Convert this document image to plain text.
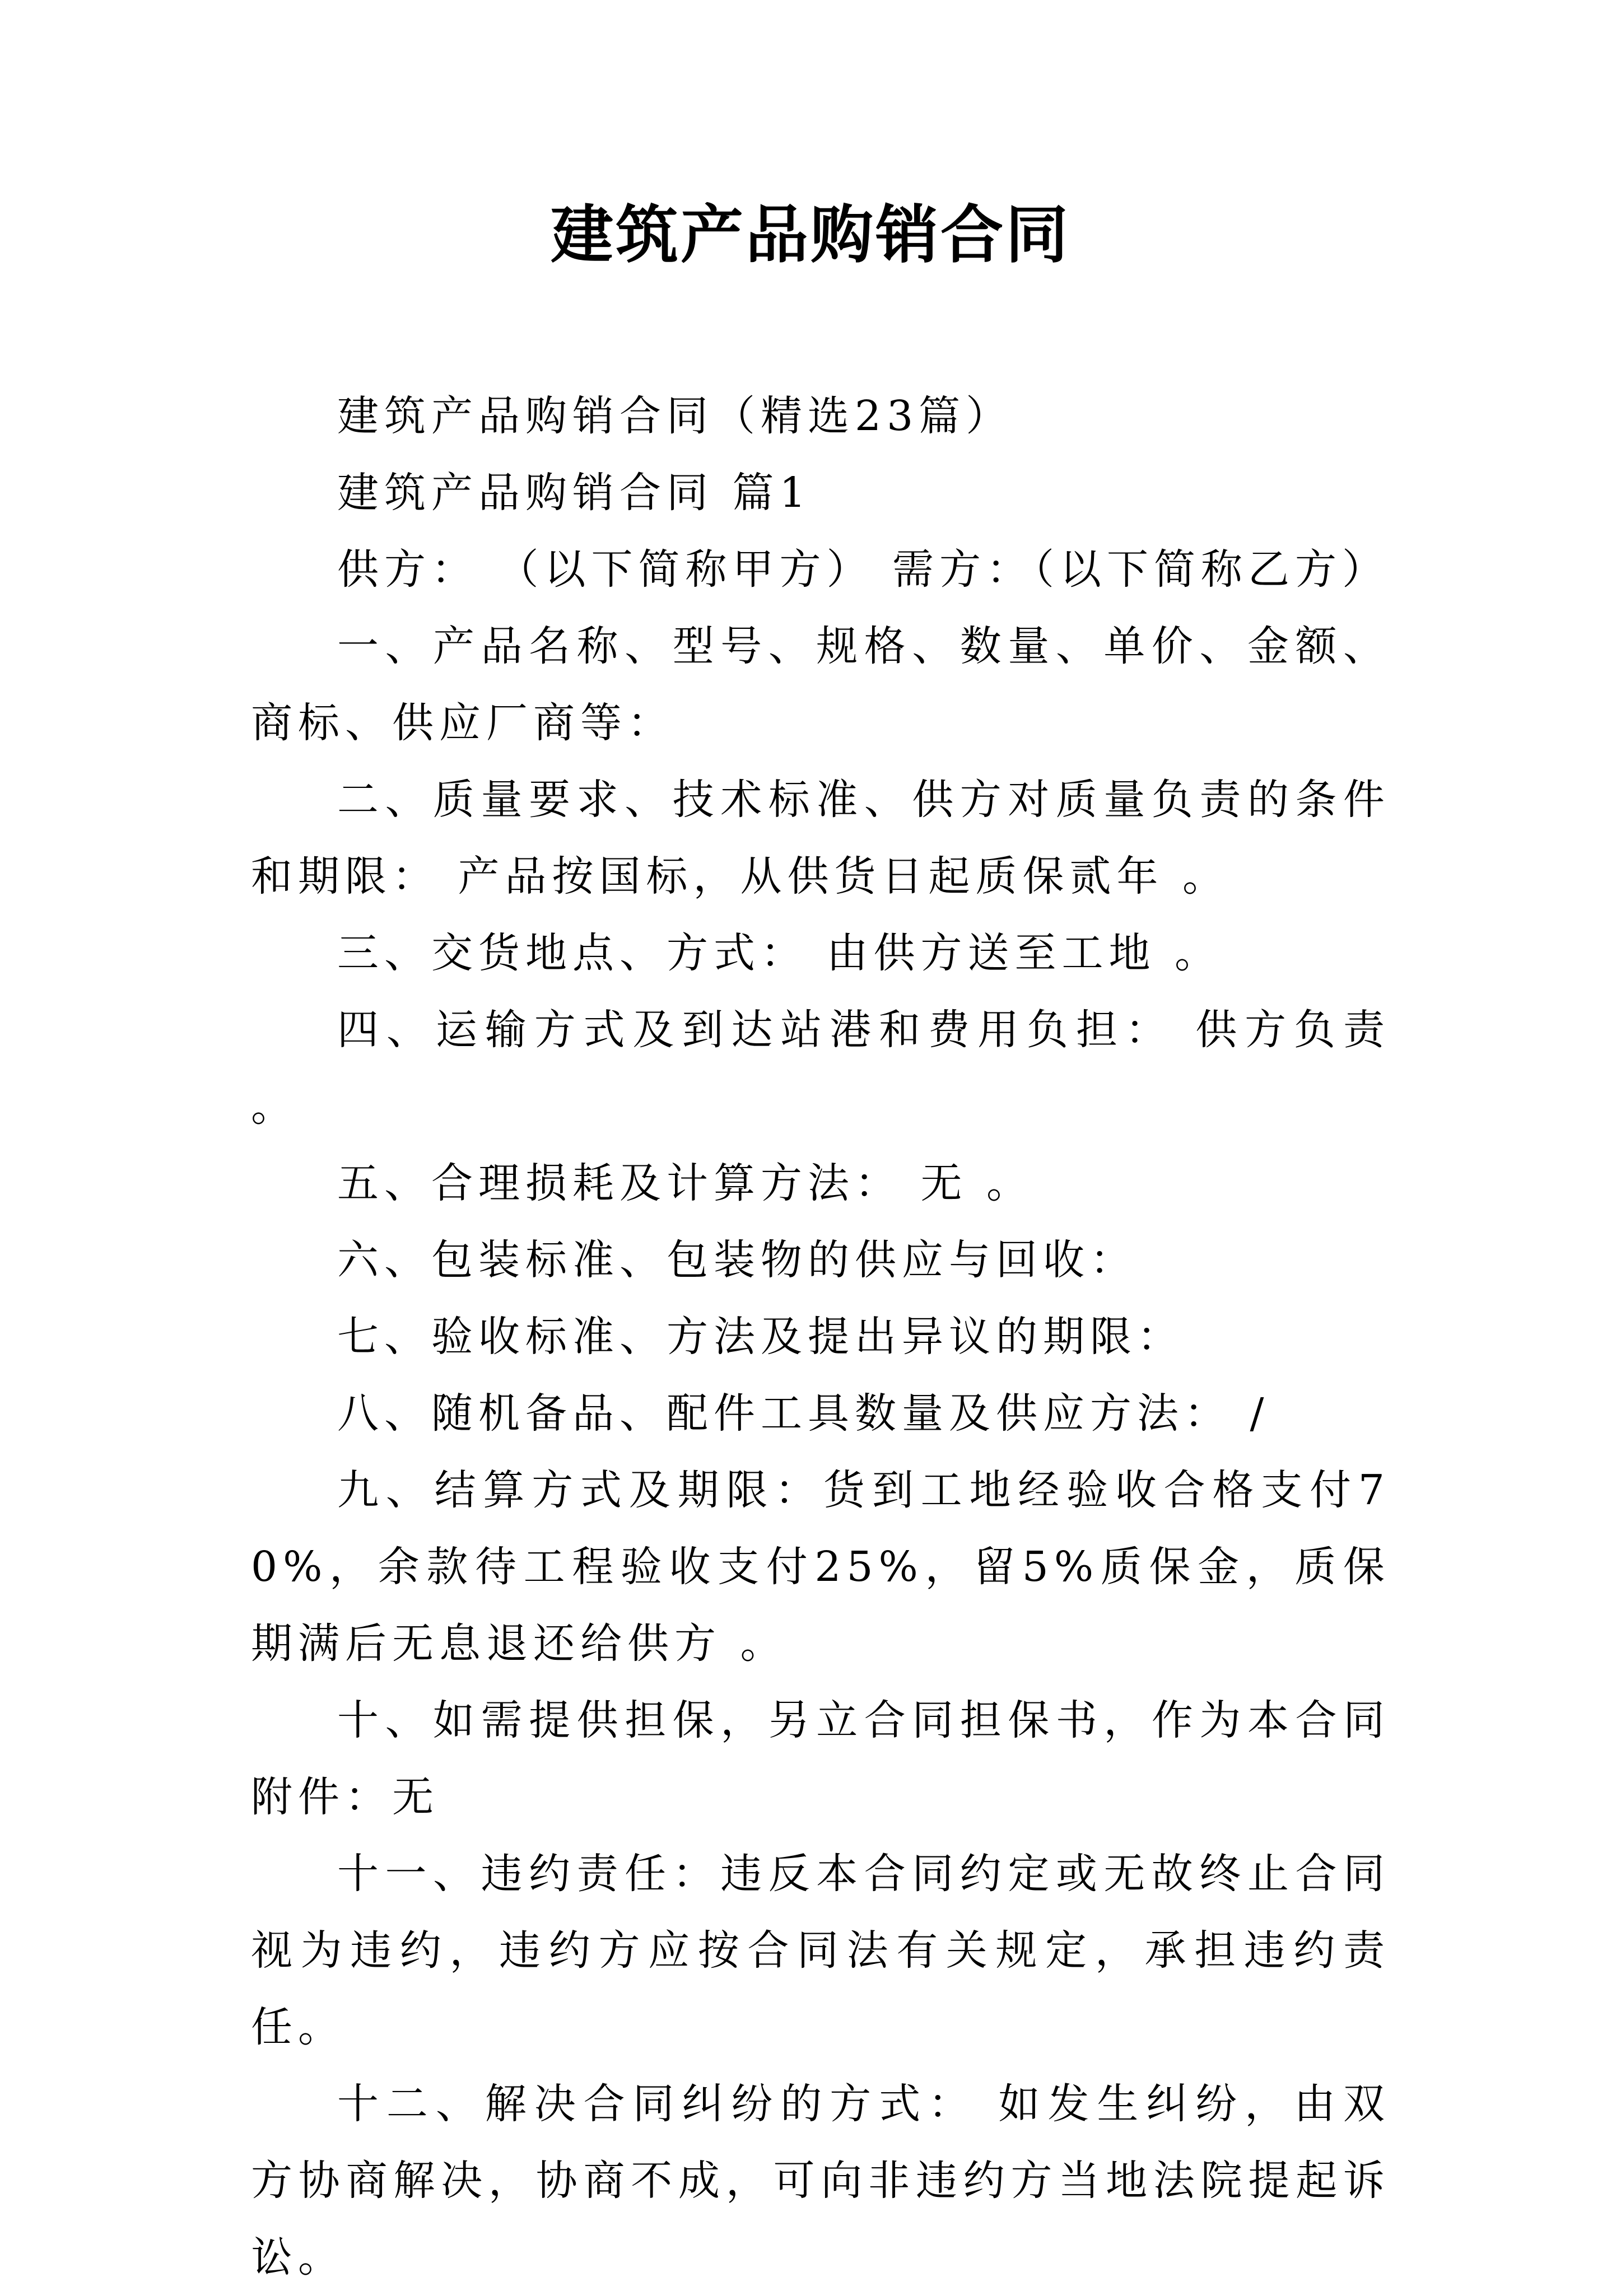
建筑产品购销合同

建筑产品购销合同（精选23篇）

建筑产品购销合同 篇1

供方： （以下简称甲方） 需方：（以下简称乙方）

一、产品名称、型号、规格、数量、单价、金额、商标、供应厂商等：

二、质量要求、技术标准、供方对质量负责的条件和期限： 产品按国标，从供货日起质保贰年 。

三、交货地点、方式： 由供方送至工地 。

四、运输方式及到达站港和费用负担： 供方负责 。

五、合理损耗及计算方法： 无 。

六、包装标准、包装物的供应与回收：

七、验收标准、方法及提出异议的期限：

八、随机备品、配件工具数量及供应方法： /

九、结算方式及期限：货到工地经验收合格支付70%，余款待工程验收支付25%，留5%质保金，质保期满后无息退还给供方 。

十、如需提供担保，另立合同担保书，作为本合同附件：无

十一、违约责任：违反本合同约定或无故终止合同视为违约，违约方应按合同法有关规定，承担违约责任。

十二、解决合同纠纷的方式： 如发生纠纷，由双方协商解决，协商不成，可向非违约方当地法院提起诉讼。
